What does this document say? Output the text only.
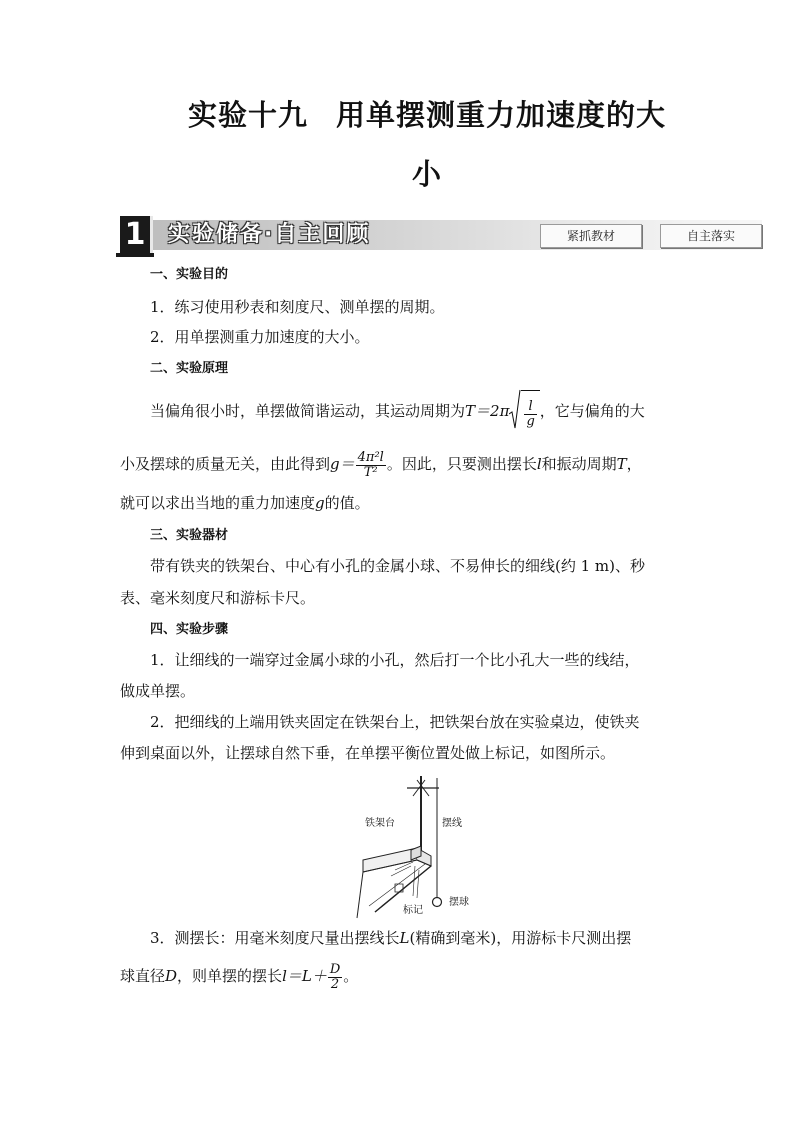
实验十九 用单摆测重力加速度的大
小
1	实验储备·自主回顾	紧抓教材	自主落实
一、实验目的
1．练习使用秒表和刻度尺、测单摆的周期。
2．用单摆测重力加速度的大小。
二、实验原理
当偏角很小时，单摆做简谐运动，其运动周期为$T=2\pi \frac{l}{g}$ ，它与偏角的大
小及摆球的质量无关，由此得到$g= \frac{\text{4π²l}}{\text{T²}}$ 。因此，只要测出摆长l和振动周期T，
就可以求出当地的重力加速度g的值。
三、实验器材
带有铁夹的铁架台、中心有小孔的金属小球、不易伸长的细线(约 1 m)、秒
表、毫米刻度尺和游标卡尺。
四、实验步骤
1．让细线的一端穿过金属小球的小孔，然后打一个比小孔大一些的线结，
做成单摆。
2．把细线的上端用铁夹固定在铁架台上，把铁架台放在实验桌边，使铁夹
伸到桌面以外，让摆球自然下垂，在单摆平衡位置处做上标记，如图所示。
铁架台	摆线
标记
摆球
3．测摆长：用毫米刻度尺量出摆线长L(精确到毫米)，用游标卡尺测出摆
球直径D，则单摆的摆长$l=L+ \frac{D}{2}$ 。
